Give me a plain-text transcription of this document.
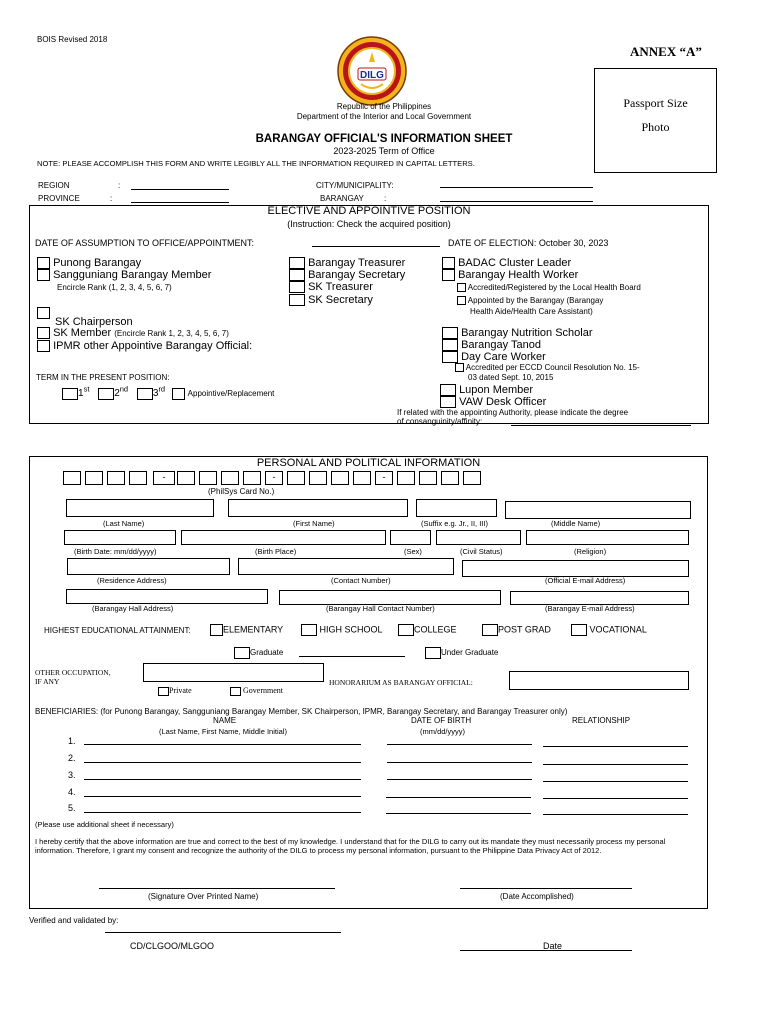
BOIS Revised 2018
DILG
ANNEX “A”
Passport Size
Photo
Republic of the Philippines
Department of the Interior and Local Government
BARANGAY OFFICIAL'S INFORMATION SHEET
2023-2025 Term of Office
NOTE: PLEASE ACCOMPLISH THIS FORM AND WRITE LEGIBLY ALL THE INFORMATION REQUIRED IN CAPITAL LETTERS.
REGION	:
PROVINCE	:
CITY/MUNICIPALITY:
BARANGAY	:
ELECTIVE AND APPOINTIVE POSITION
(Instruction: Check the acquired position)
DATE OF ASSUMPTION TO OFFICE/APPOINTMENT:	DATE OF ELECTION: October 30, 2023
Punong Barangay
Sangguniang Barangay Member
Encircle Rank (1, 2, 3, 4, 5, 6, 7)
SK Chairperson
SK Member (Encircle Rank 1, 2, 3, 4, 5, 6, 7)
IPMR other Appointive Barangay Official:
Barangay Treasurer
Barangay Secretary
SK Treasurer
SK Secretary
BADAC Cluster Leader
Barangay Health Worker
Accredited/Registered by the Local Health Board
Appointed by the Barangay (Barangay
Health Aide/Health Care Assistant)
Barangay Nutrition Scholar
Barangay Tanod
Day Care Worker
Accredited per ECCD Council Resolution No. 15-
03 dated Sept. 10, 2015
Lupon Member
VAW Desk Officer
If related with the appointing Authority, please indicate the degree
of consanguinity/affinity:
TERM IN THE PRESENT POSITION:
1st 2nd 3rd	Appointive/Replacement
PERSONAL AND POLITICAL INFORMATION
-	-	-
(PhilSys Card No.)
(Last Name)	(First Name)	(Suffix e.g. Jr., II, III)	(Middle Name)
(Birth Date: mm/dd/yyyy)	(Birth Place)	(Sex)	(Civil Status)	(Religion)
(Residence Address)	(Contact Number)	(Official E-mail Address)
(Barangay Hall Address)	(Barangay Hall Contact Number)	(Barangay E-mail Address)
HIGHEST EDUCATIONAL ATTAINMENT:	ELEMENTARY	HIGH SCHOOL	COLLEGE	POST GRAD	VOCATIONAL
Graduate	Under Graduate
OTHER OCCUPATION,
IF ANY
Private	Government
HONORARIUM AS BARANGAY OFFICIAL:
BENEFICIARIES: (for Punong Barangay, Sangguniang Barangay Member, SK Chairperson, IPMR, Barangay Secretary, and Barangay Treasurer only)
NAME
(Last Name, First Name, Middle Initial)
DATE OF BIRTH
(mm/dd/yyyy)
RELATIONSHIP
1.
2.
3.
4.
5.
(Please use additional sheet if necessary)
I hereby certify that the above information are true and correct to the best of my knowledge. I understand that for the DILG to carry out its mandate they must necessarily process my personal information. Therefore, I grant my consent and recognize the authority of the DILG to process my personal information, pursuant to the Philippine Data Privacy Act of 2012.
(Signature Over Printed Name)	(Date Accomplished)
Verified and validated by:
CD/CLGOO/MLGOO	Date
